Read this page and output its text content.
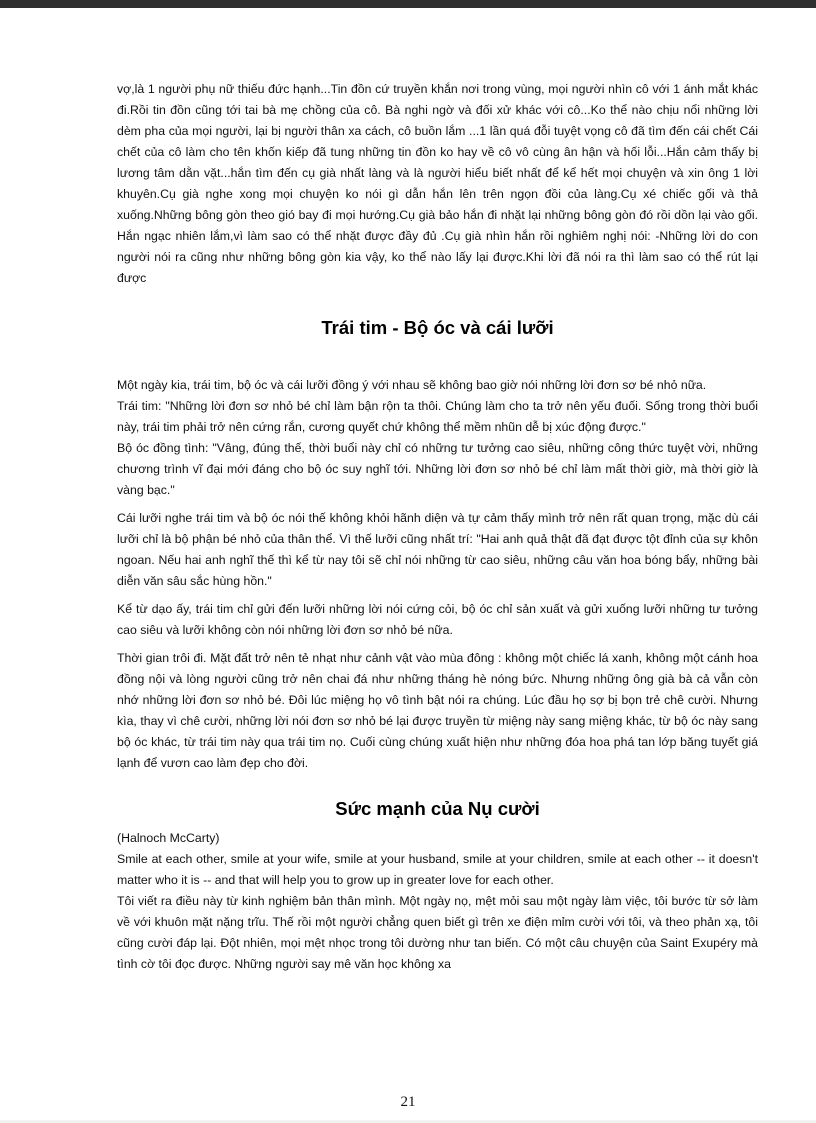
vợ,là 1 người phụ nữ thiếu đức hạnh...Tin đồn cứ truyền khắn nơi trong vùng, mọi người nhìn cô với 1 ánh mắt khác đi.Rồi tin đồn cũng tới tai bà mẹ chồng của cô. Bà nghi ngờ và đối xử khác với cô...Ko thể nào chịu nổi những lời dèm pha của mọi người, lại bị người thân xa cách, cô buồn lắm ...1 lần quá đỗi tuyệt vọng cô đã tìm đến cái chết Cái chết của cô làm cho tên khốn kiếp đã tung những tin đồn ko hay về cô vô cùng ân hận và hối lỗi...Hắn cảm thấy bị lương tâm dằn vặt...hắn tìm đến cụ già nhất làng và là người hiểu biết nhất để kể hết mọi chuyện và xin ông 1 lời khuyên.Cụ già nghe xong mọi chuyện ko nói gì dẫn hắn lên trên ngọn đồi của làng.Cụ xé chiếc gối và thả xuống.Những bông gòn theo gió bay đi mọi hướng.Cụ già bảo hắn đi nhặt lại những bông gòn đó rồi dồn lại vào gối. Hắn ngạc nhiên lắm,vì làm sao có thể nhặt được đầy đủ .Cụ già nhìn hắn rồi nghiêm nghị nói: -Những lời do con người nói ra cũng như những bông gòn kia vậy, ko thể nào lấy lại được.Khi lời đã nói ra thì làm sao có thể rút lại được

Trái tim - Bộ óc và cái lưỡi

Một ngày kia, trái tim, bộ óc và cái lưỡi đồng ý với nhau sẽ không bao giờ nói những lời đơn sơ bé nhỏ nữa.

Trái tim: "Những lời đơn sơ nhỏ bé chỉ làm bận rộn ta thôi. Chúng làm cho ta trở nên yếu đuối. Sống trong thời buổi này, trái tim phải trở nên cứng rắn, cương quyết chứ không thể mềm nhũn dễ bị xúc động được."

Bộ óc đồng tình: "Vâng, đúng thế, thời buổi này chỉ có những tư tưởng cao siêu, những công thức tuyệt vời, những chương trình vĩ đại mới đáng cho bộ óc suy nghĩ tới. Những lời đơn sơ nhỏ bé chỉ làm mất thời giờ, mà thời giờ là vàng bạc."

Cái lưỡi nghe trái tim và bộ óc nói thế không khỏi hãnh diện và tự cảm thấy mình trở nên rất quan trọng, mặc dù cái lưỡi chỉ là bộ phận bé nhỏ của thân thể. Vì thế lưỡi cũng nhất trí: "Hai anh quả thật đã đạt được tột đỉnh của sự khôn ngoan. Nếu hai anh nghĩ thế thì kể từ nay tôi sẽ chỉ nói những từ cao siêu, những câu văn hoa bóng bẩy, những bài diễn văn sâu sắc hùng hồn."

Kể từ dạo ấy, trái tim chỉ gửi đến lưỡi những lời nói cứng cỏi, bộ óc chỉ sản xuất và gửi xuống lưỡi những tư tưởng cao siêu và lưỡi không còn nói những lời đơn sơ nhỏ bé nữa.

Thời gian trôi đi. Mặt đất trở nên tẻ nhạt như cảnh vật vào mùa đông : không một chiếc lá xanh, không một cánh hoa đồng nội và lòng người cũng trở nên chai đá như những tháng hè nóng bức. Nhưng những ông già bà cả vẫn còn nhớ những lời đơn sơ nhỏ bé. Đôi lúc miệng họ vô tình bật nói ra chúng. Lúc đầu họ sợ bị bọn trẻ chê cười. Nhưng kìa, thay vì chê cười, những lời nói đơn sơ nhỏ bé lại được truyền từ miệng này sang miệng khác, từ bộ óc này sang bộ óc khác, từ trái tim này qua trái tim nọ. Cuối cùng chúng xuất hiện như những đóa hoa phá tan lớp băng tuyết giá lạnh để vươn cao làm đẹp cho đời.

Sức mạnh của Nụ cười

(Halnoch McCarty)

Smile at each other, smile at your wife, smile at your husband, smile at your children, smile at each other -- it doesn't matter who it is -- and that will help you to grow up in greater love for each other.

Tôi viết ra điều này từ kinh nghiệm bản thân mình. Một ngày nọ, mệt mỏi sau một ngày làm việc, tôi bước từ sở làm về với khuôn mặt nặng trĩu. Thế rồi một người chẳng quen biết gì trên xe điện mỉm cười với tôi, và theo phản xạ, tôi cũng cười đáp lại. Đột nhiên, mọi mệt nhọc trong tôi dường như tan biến. Có một câu chuyện của Saint Exupéry mà tình cờ tôi đọc được. Những người say mê văn học không xa

21
